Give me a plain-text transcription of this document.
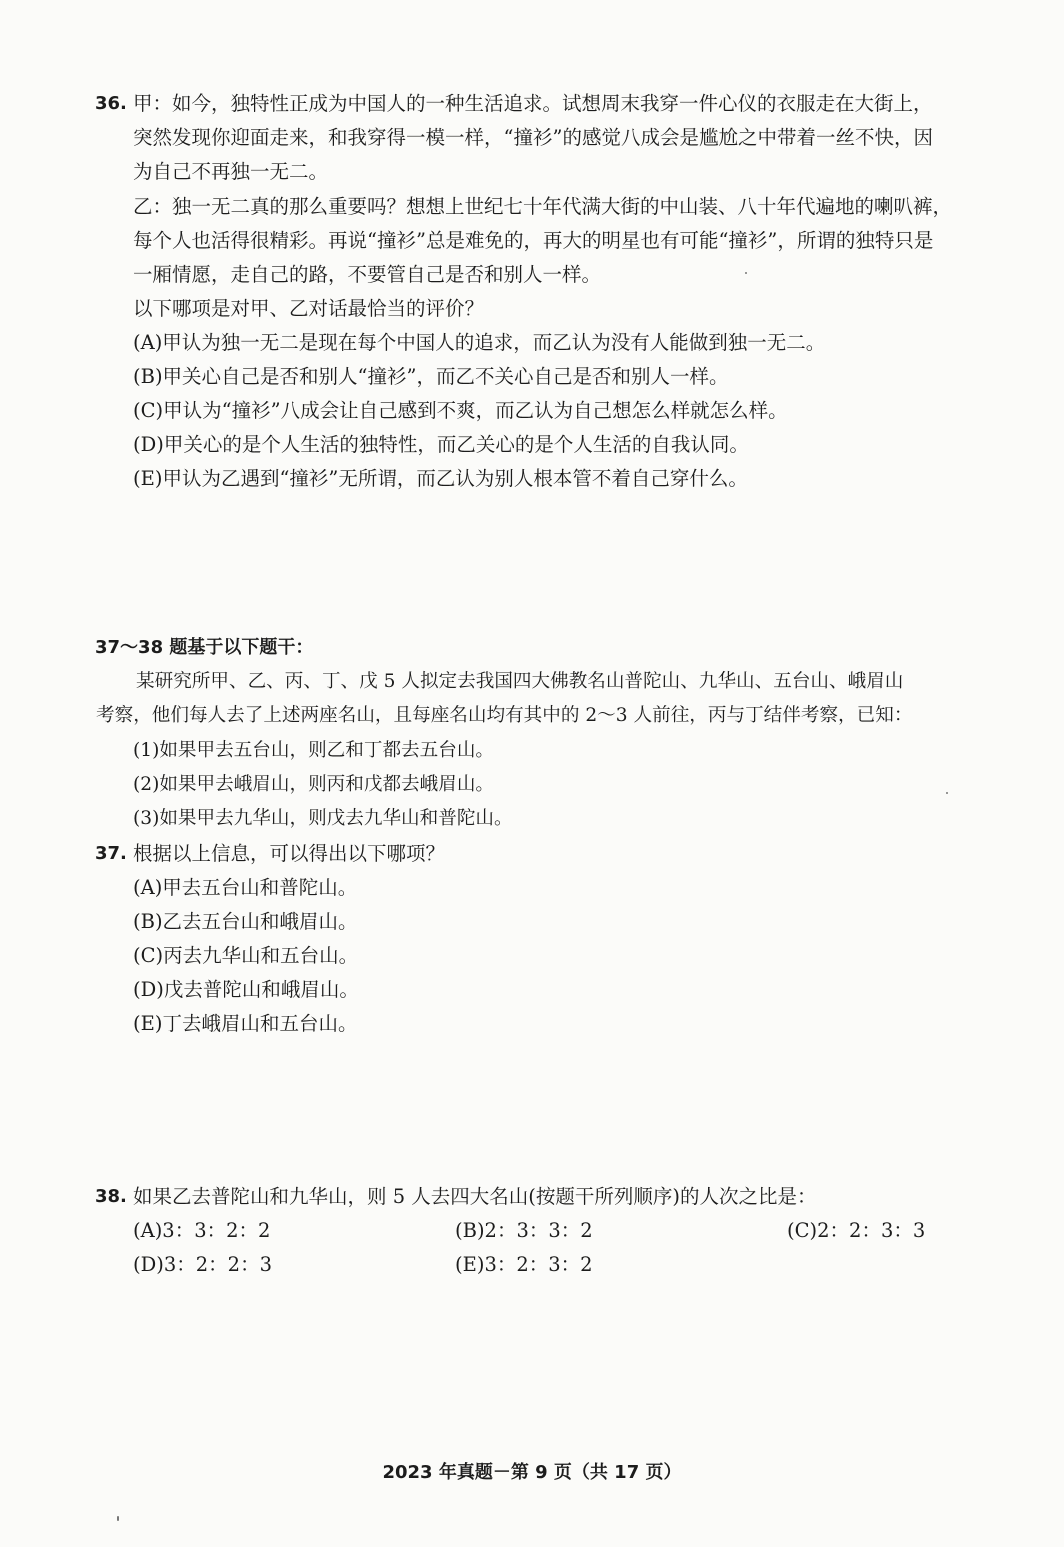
36. 甲：如今，独特性正成为中国人的一种生活追求。试想周末我穿一件心仪的衣服走在大街上，
突然发现你迎面走来，和我穿得一模一样，“撞衫”的感觉八成会是尴尬之中带着一丝不快，因
为自己不再独一无二。
乙：独一无二真的那么重要吗？想想上世纪七十年代满大街的中山装、八十年代遍地的喇叭裤，
每个人也活得很精彩。再说“撞衫”总是难免的，再大的明星也有可能“撞衫”，所谓的独特只是
一厢情愿，走自己的路，不要管自己是否和别人一样。
以下哪项是对甲、乙对话最恰当的评价？
(A)甲认为独一无二是现在每个中国人的追求，而乙认为没有人能做到独一无二。
(B)甲关心自己是否和别人“撞衫”，而乙不关心自己是否和别人一样。
(C)甲认为“撞衫”八成会让自己感到不爽，而乙认为自己想怎么样就怎么样。
(D)甲关心的是个人生活的独特性，而乙关心的是个人生活的自我认同。
(E)甲认为乙遇到“撞衫”无所谓，而乙认为别人根本管不着自己穿什么。
37～38 题基于以下题干：
某研究所甲、乙、丙、丁、戊 5 人拟定去我国四大佛教名山普陀山、九华山、五台山、峨眉山
考察，他们每人去了上述两座名山，且每座名山均有其中的 2～3 人前往，丙与丁结伴考察，已知：
(1)如果甲去五台山，则乙和丁都去五台山。
(2)如果甲去峨眉山，则丙和戊都去峨眉山。
(3)如果甲去九华山，则戊去九华山和普陀山。
37. 根据以上信息，可以得出以下哪项？
(A)甲去五台山和普陀山。
(B)乙去五台山和峨眉山。
(C)丙去九华山和五台山。
(D)戊去普陀山和峨眉山。
(E)丁去峨眉山和五台山。
38. 如果乙去普陀山和九华山，则 5 人去四大名山(按题干所列顺序)的人次之比是：
(A)3：3：2：2	(B)2：3：3：2	(C)2：2：3：3
(D)3：2：2：3	(E)3：2：3：2
2023 年真题－第 9 页（共 17 页）
